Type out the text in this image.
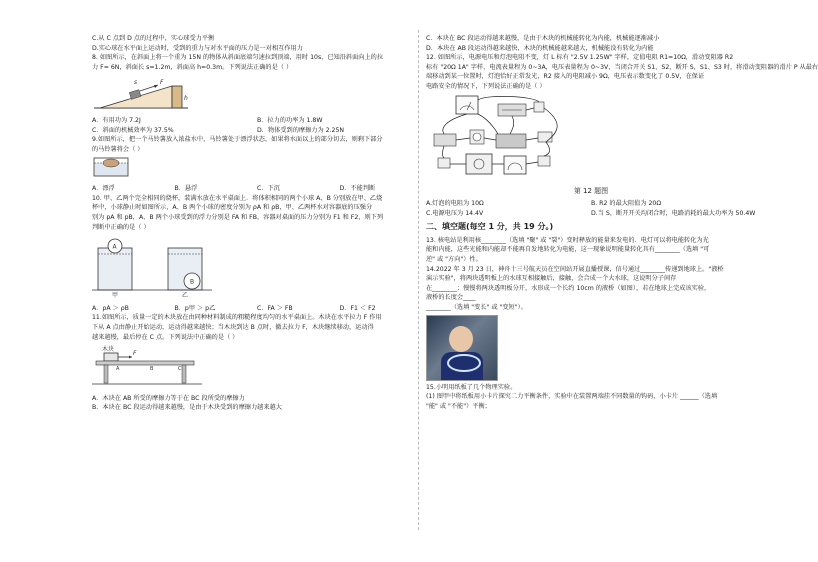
C.从 C 点到 D 点的过程中，实心球受力平衡
D.实心球在水平面上运动时，受到的重力与对水平面的压力是一对相互作用力
8. 如图所示，在斜面上将一个重为 15N 的物体从斜面底端匀速拉到顶端，用时 10s，已知沿斜面向上的拉
力 F= 6N，斜面长 s=1.2m，斜面高 h=0.3m。下列说法正确的是（ ）
s	F
h
A．有用功为 7.2J	B．拉力的功率为 1.8W
C．斜面的机械效率为 37.5%	D．物体受到的摩擦力为 2.25N
9.如图所示，把一个马铃薯放入浓盐水中，马铃薯处于漂浮状态，如果将水面以上的部分切去，则剩下部分
的马铃薯将会（ ）
A．漂浮	B．悬浮	C．下沉	D．不能判断
10. 甲、乙两个完全相同的烧杯，装满水放在水平桌面上．将体积相同的两个小球 A、B 分别放在甲、乙烧
杯中，小球静止时如图所示，A、B 两个小球的密度分别为 ρA 和 ρB，甲、乙两杯水对容器底的压强分
别为 pA 和 pB，A、B 两个小球受到的浮力分别是 FA 和 FB，容器对桌面的压力分别为 F1 和 F2，则下列
判断中正确的是（ ）
A
B
甲	乙
A．ρA ＞ ρB	B．p甲 ＞ p乙	C．FA ＞ FB	D．F1 ＜ F2
11.如图所示，质量一定的木块放在由同种材料制成的粗糙程度均匀的水平桌面上。木块在水平拉力 F 作用
下从 A 点由静止开始运动，运动得越来越快；当木块到达 B 点时，撤去拉力 F，木块继续移动，运动得
越来越慢，最后停在 C 点。下列说法中正确的是（ ）
木块
F
A	B	C
A．木块在 AB 所受的摩擦力等于在 BC 段所受的摩擦力
B．本块在 BC 段运动得越来越慢，是由于木块受到的摩擦力越来越大
C．本块在 BC 段运动得越来越慢，是由于木块的机械能转化为内能，机械能逐渐减小
D．本块在 AB 段运动得越来越快，木块的机械能越来越大，机械能没有转化为内能
12. 如图所示，电源电压和灯泡电阻不变，灯 L 标有 "2.5V 1.25W" 字样，定值电阻 R1=10Ω，滑动变阻器 R2
标有 "20Ω 1A" 字样，电流表量程为 0~3A，电压表量程为 0~3V，当闭合开关 S1、S2，断开 S，S1、S3 时，将滑动变阻器的滑片 P 从最右
端移动到某一位置时，灯泡恰好正常发光，R2 接入的电阻减小 9Ω，电压表示数变化了 0.5V，在保证
电路安全的情况下，下列说法正确的是（ ）
第 12 题图
A.灯泡的电阻为 10Ω	B. R2 的最大阻值为 20Ω
C.电源电压为 14.4V	D.当 S，断开开关均闭合时，电路消耗的最大功率为 50.4W
二、填空题(每空 1 分，共 19 分。)
13. 核电站是利用核________（选填 "聚" 或 "裂"）变时释放的能量来发电的．电灯可以将电能转化为光
能和内能，这些光能和内能却不能再自发地转化为电能，这一现象说明能量转化具有________（选填 "可
逆" 或 "方向"）性。
14.2022 年 3 月 23 日，神舟十三号航天员在空间站开展直播授课，信号通过________传递到地球上。"液桥
演示实验"，将两块透明板上的水球互相接触后，接触，会合成一个大水球，这说明分子间存
在________；慢慢将两块透明板分开，水形成一个长约 10cm 的液桥（如图），若在地球上完成该实验，
液桥的长度会____
________（选填 "变长" 或 "变短"）。
15.小明用纸板了几个物理实验。
(1) 图甲中将纸板用小卡片探究二力平衡条件，实验中在装置两端挂不同数量的钩码，小卡片 ______（选填
"能" 或 "不能"）平衡；
